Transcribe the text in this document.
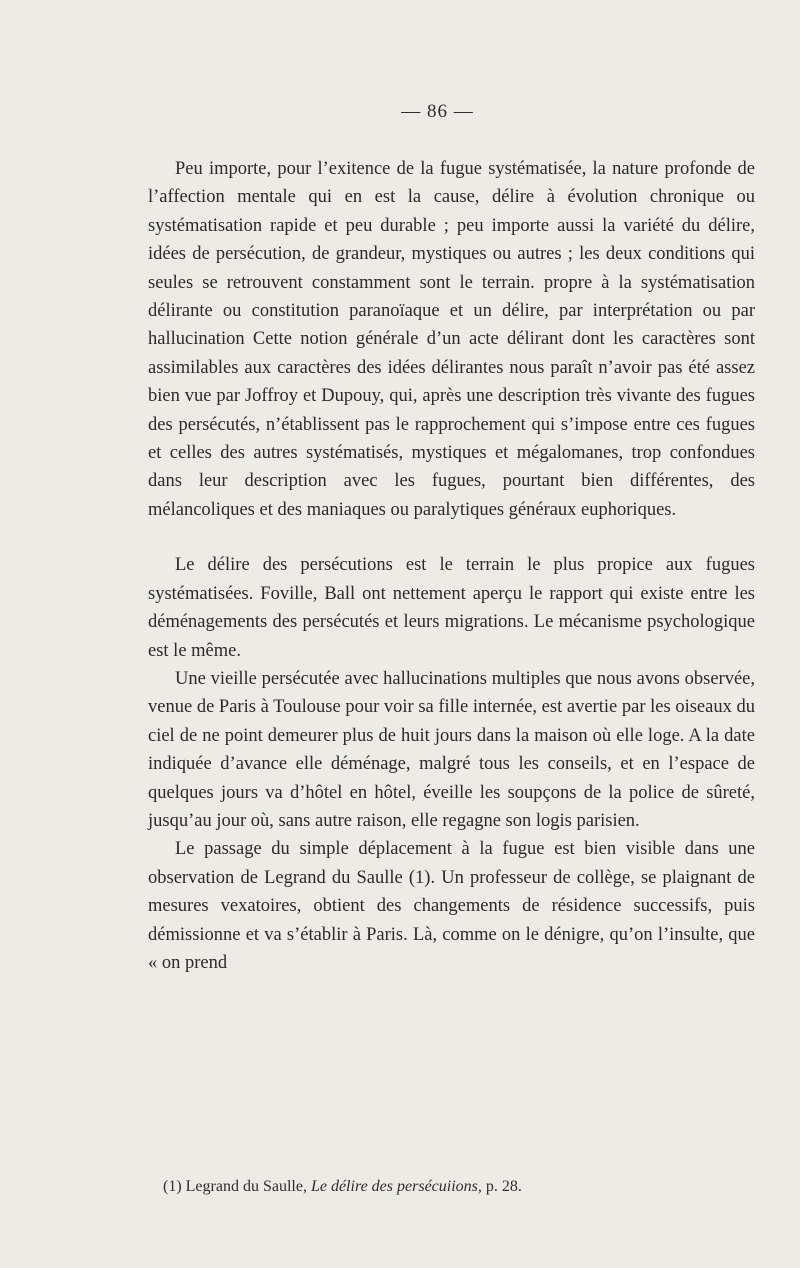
— 86 —

Peu importe, pour l’exitence de la fugue systématisée, la nature profonde de l’affection mentale qui en est la cause, délire à évolution chronique ou systématisation rapide et peu durable ; peu importe aussi la variété du délire, idées de persécution, de grandeur, mystiques ou autres ; les deux conditions qui seules se retrouvent constamment sont le terrain. propre à la systématisation délirante ou constitution paranoïaque et un délire, par interprétation ou par hallucination Cette notion générale d’un acte délirant dont les caractères sont assimilables aux caractères des idées délirantes nous paraît n’avoir pas été assez bien vue par Joffroy et Dupouy, qui, après une description très vivante des fugues des persécutés, n’établissent pas le rapprochement qui s’impose entre ces fugues et celles des autres systématisés, mystiques et mégalomanes, trop confondues dans leur description avec les fugues, pourtant bien différentes, des mélancoliques et des maniaques ou paralytiques généraux euphoriques.

Le délire des persécutions est le terrain le plus propice aux fugues systématisées. Foville, Ball ont nettement aperçu le rapport qui existe entre les déménagements des persécutés et leurs migrations. Le mécanisme psychologique est le même.

Une vieille persécutée avec hallucinations multiples que nous avons observée, venue de Paris à Toulouse pour voir sa fille internée, est avertie par les oiseaux du ciel de ne point demeurer plus de huit jours dans la maison où elle loge. A la date indiquée d’avance elle déménage, malgré tous les conseils, et en l’espace de quelques jours va d’hôtel en hôtel, éveille les soupçons de la police de sûreté, jusqu’au jour où, sans autre raison, elle regagne son logis parisien.

Le passage du simple déplacement à la fugue est bien visible dans une observation de Legrand du Saulle (1). Un professeur de collège, se plaignant de mesures vexatoires, obtient des changements de résidence successifs, puis démissionne et va s’établir à Paris. Là, comme on le dénigre, qu’on l’insulte, que « on prend

(1) Legrand du Saulle, Le délire des persécuiions, p. 28.
